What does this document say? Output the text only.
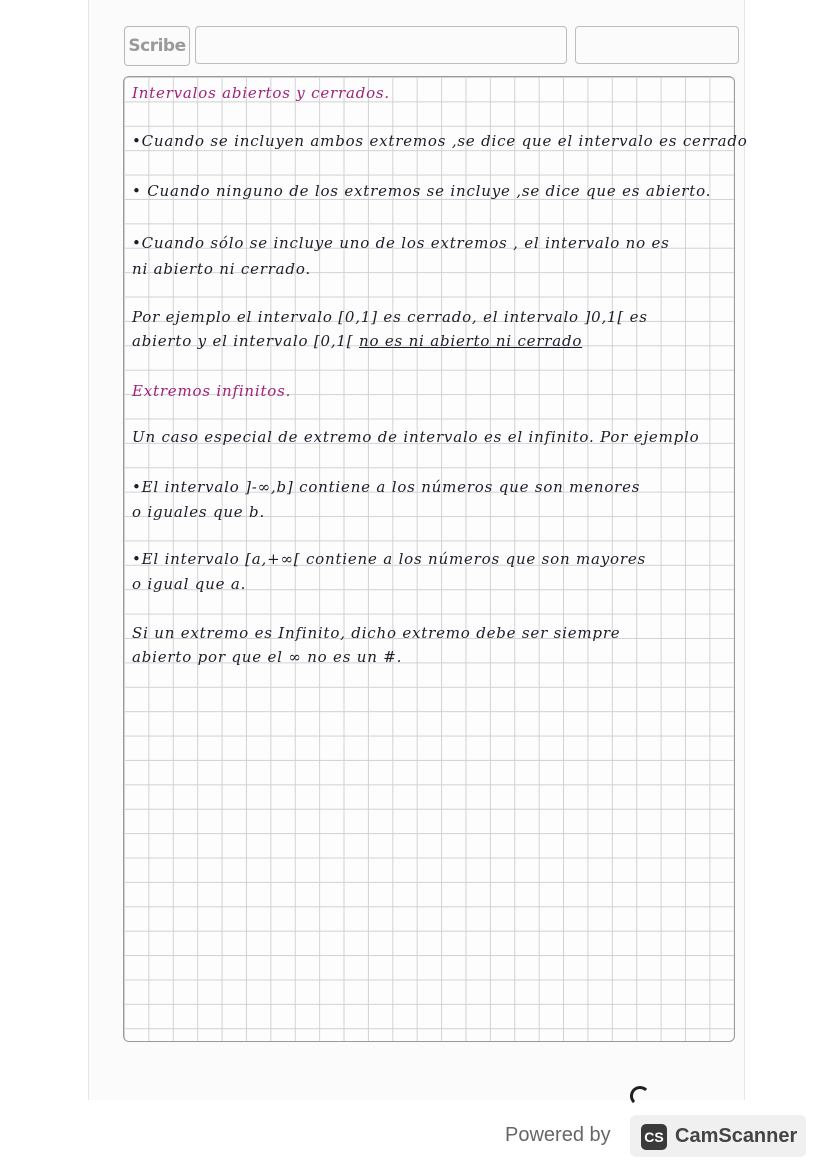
Scribe

Intervalos abiertos y cerrados.

•Cuando se incluyen ambos extremos ,se dice que el intervalo es cerrado

• Cuando ninguno de los extremos se incluye ,se dice que es abierto.

•Cuando sólo se incluye uno de los extremos , el intervalo no es

ni abierto ni cerrado.

Por ejemplo el intervalo [0,1] es cerrado, el intervalo ]0,1[ es

abierto y el intervalo [0,1[ no es ni abierto ni cerrado

Extremos infinitos.

Un caso especial de extremo de intervalo es el infinito. Por ejemplo

•El intervalo ]-∞,b] contiene a los números que son menores

o iguales que b.

•El intervalo [a,+∞[ contiene a los números que son mayores

o igual que a.

Si un extremo es Infinito, dicho extremo debe ser siempre

abierto por que el ∞ no es un #.

Powered by CS CamScanner
